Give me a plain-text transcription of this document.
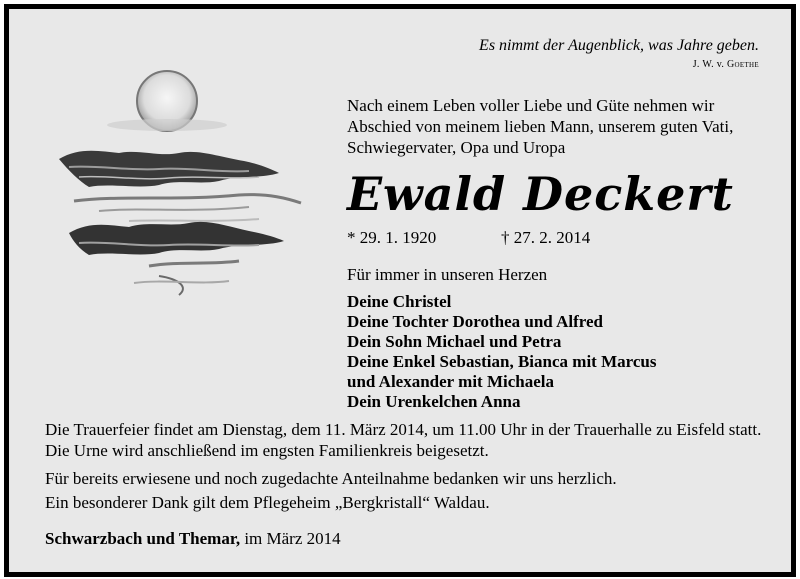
Es nimmt der Augenblick, was Jahre geben.
J. W. v. Goethe
Nach einem Leben voller Liebe und Güte nehmen wir Abschied von meinem lieben Mann, unserem guten Vati, Schwiegervater, Opa und Uropa
Ewald Deckert
* 29. 1. 1920	† 27. 2. 2014
Für immer in unseren Herzen
Deine Christel
Deine Tochter Dorothea und Alfred
Dein Sohn Michael und Petra
Deine Enkel Sebastian, Bianca mit Marcus
und Alexander mit Michaela
Dein Urenkelchen Anna
Die Trauerfeier findet am Dienstag, dem 11. März 2014, um 11.00 Uhr in der Trauerhalle zu Eisfeld statt. Die Urne wird anschließend im engsten Familienkreis beigesetzt.
Für bereits erwiesene und noch zugedachte Anteilnahme bedanken wir uns herzlich.
Ein besonderer Dank gilt dem Pflegeheim „Bergkristall“ Waldau.
Schwarzbach und Themar, im März 2014
